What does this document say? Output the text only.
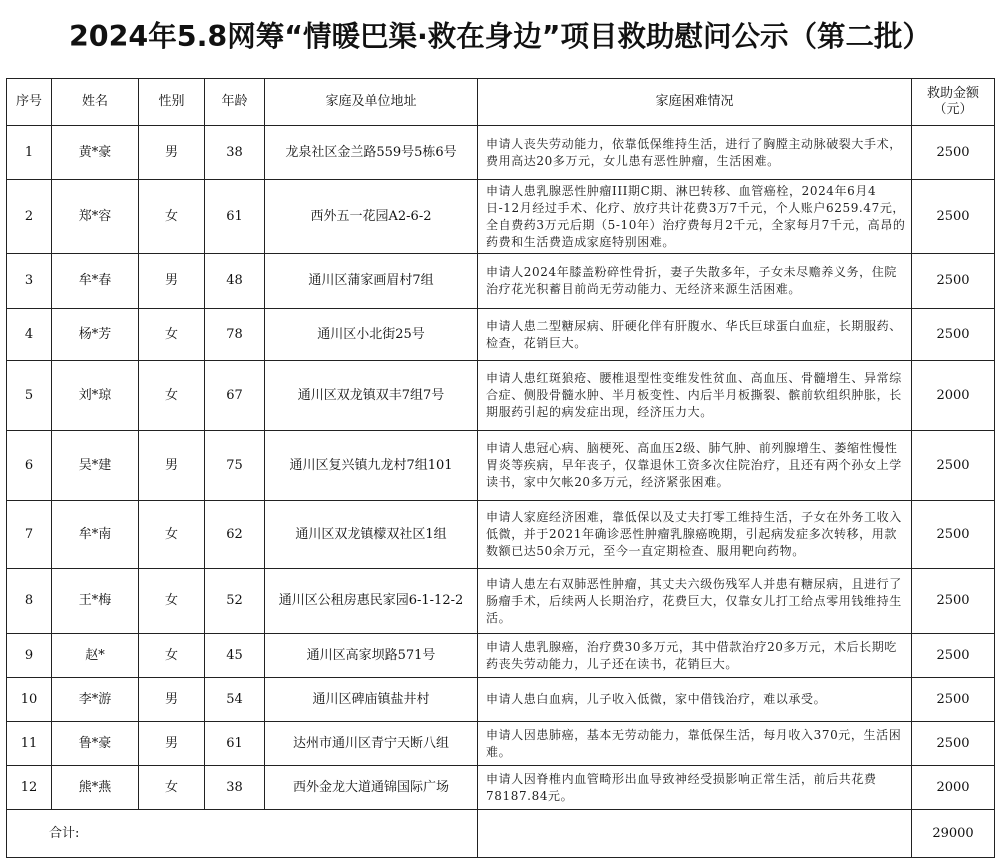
2024年5.8网筹“情暖巴渠·救在身边”项目救助慰问公示（第二批）
序号	姓名	性别	年龄	家庭及单位地址	家庭困难情况	救助金额（元）
1	黄*豪	男	38	龙泉社区金兰路559号5栋6号	申请人丧失劳动能力，依靠低保维持生活，进行了胸膛主动脉破裂大手术，费用高达20多万元，女儿患有恶性肿瘤，生活困难。	2500
2	郑*容	女	61	西外五一花园A2-6-2	申请人患乳腺恶性肿瘤III期C期、淋巴转移、血管癌栓，2024年6月4日-12月经过手术、化疗、放疗共计花费3万7千元，个人账户6259.47元，全自费药3万元后期（5-10年）治疗费每月2千元，全家每月7千元，高昂的药费和生活费造成家庭特别困难。	2500
3	牟*春	男	48	通川区蒲家画眉村7组	申请人2024年膝盖粉碎性骨折，妻子失散多年，子女未尽赡养义务，住院治疗花光积蓄目前尚无劳动能力、无经济来源生活困难。	2500
4	杨*芳	女	78	通川区小北街25号	申请人患二型糖尿病、肝硬化伴有肝腹水、华氏巨球蛋白血症，长期服药、检查，花销巨大。	2500
5	刘*琼	女	67	通川区双龙镇双丰7组7号	申请人患红斑狼疮、腰椎退型性变维发性贫血、高血压、骨髓增生、异常综合症、侧股骨髓水肿、半月板变性、内后半月板撕裂、髌前软组织肿胀，长期服药引起的病发症出现，经济压力大。	2000
6	吴*建	男	75	通川区复兴镇九龙村7组101	申请人患冠心病、脑梗死、高血压2级、肺气肿、前列腺增生、萎缩性慢性胃炎等疾病，早年丧子，仅靠退休工资多次住院治疗，且还有两个孙女上学读书，家中欠帐20多万元，经济紧张困难。	2500
7	牟*南	女	62	通川区双龙镇檬双社区1组	申请人家庭经济困难，靠低保以及丈夫打零工维持生活，子女在外务工收入低微，并于2021年确诊恶性肿瘤乳腺癌晚期，引起病发症多次转移，用款数额已达50余万元，至今一直定期检查、服用靶向药物。	2500
8	王*梅	女	52	通川区公租房惠民家园6-1-12-2	申请人患左右双肺恶性肿瘤，其丈夫六级伤残军人并患有糖尿病，且进行了肠瘤手术，后续两人长期治疗，花费巨大，仅靠女儿打工给点零用钱维持生活。	2500
9	赵*	女	45	通川区高家坝路571号	申请人患乳腺癌，治疗费30多万元，其中借款治疗20多万元，术后长期吃药丧失劳动能力，儿子还在读书，花销巨大。	2500
10	李*游	男	54	通川区碑庙镇盐井村	申请人患白血病，儿子收入低微，家中借钱治疗，难以承受。	2500
11	鲁*豪	男	61	达州市通川区青宁天断八组	申请人因患肺癌，基本无劳动能力，靠低保生活，每月收入370元，生活困难。	2500
12	熊*燕	女	38	西外金龙大道通锦国际广场	申请人因脊椎内血管畸形出血导致神经受损影响正常生活，前后共花费78187.84元。	2000
合计:						29000
